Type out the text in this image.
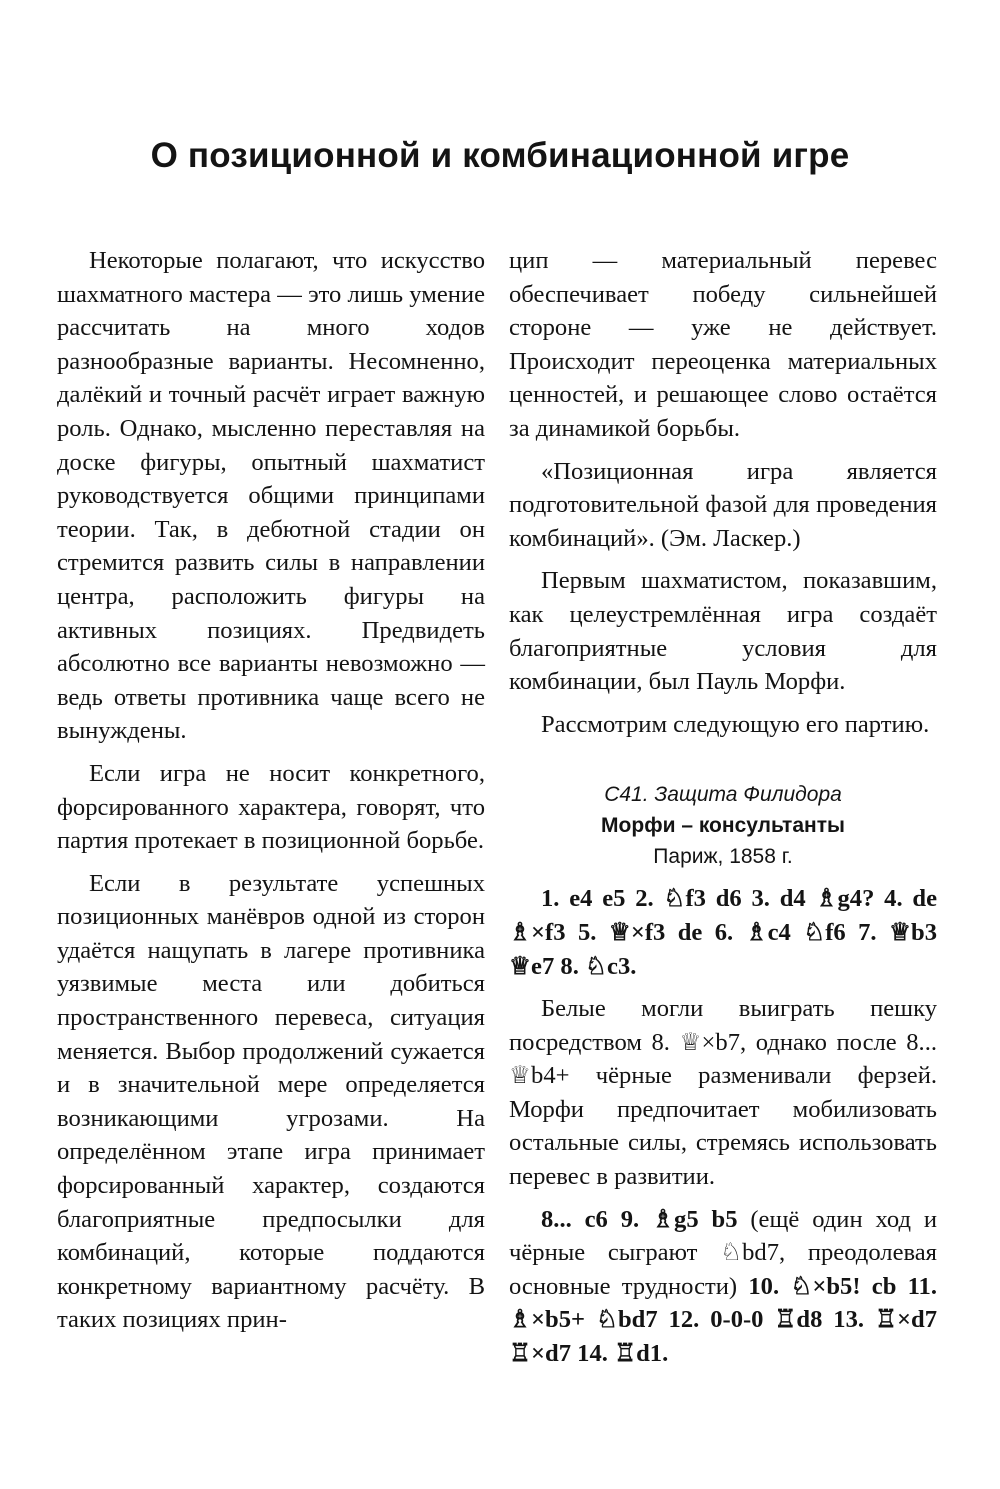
О позиционной и комбинационной игре

Некоторые полагают, что искусство шахматного мастера — это лишь умение рассчитать на много ходов разнообразные варианты. Несомненно, далёкий и точный расчёт играет важную роль. Однако, мысленно переставляя на доске фигуры, опытный шахматист руководствуется общими принципами теории. Так, в дебютной стадии он стремится развить силы в направлении центра, расположить фигуры на активных позициях. Предвидеть абсолютно все варианты невозможно — ведь ответы противника чаще всего не вынуждены.

Если игра не носит конкретного, форсированного характера, говорят, что партия протекает в позиционной борьбе.

Если в результате успешных позиционных манёвров одной из сторон удаётся нащупать в лагере противника уязвимые места или добиться пространственного перевеса, ситуация меняется. Выбор продолжений сужается и в значительной мере определяется возникающими угрозами. На определённом этапе игра принимает форсированный характер, создаются благоприятные предпосылки для комбинаций, которые поддаются конкретному вариантному расчёту. В таких позициях прин-

цип — материальный перевес обеспечивает победу сильнейшей стороне — уже не действует. Происходит переоценка материальных ценностей, и решающее слово остаётся за динамикой борьбы.

«Позиционная игра является подготовительной фазой для проведения комбинаций». (Эм. Ласкер.)

Первым шахматистом, показавшим, как целеустремлённая игра создаёт благоприятные условия для комбинации, был Пауль Морфи.

Рассмотрим следующую его партию.

C41. Защита Филидора
Морфи – консультанты
Париж, 1858 г.

1. e4 e5 2. ♘f3 d6 3. d4 ♗g4? 4. de ♗×f3 5. ♕×f3 de 6. ♗c4 ♘f6 7. ♕b3 ♕e7 8. ♘c3.

Белые могли выиграть пешку посредством 8. ♕×b7, однако после 8... ♕b4+ чёрные разменивали ферзей. Морфи предпочитает мобилизовать остальные силы, стремясь использовать перевес в развитии.

8... c6 9. ♗g5 b5 (ещё один ход и чёрные сыграют ♘bd7, преодолевая основные трудности) 10. ♘×b5! cb 11. ♗×b5+ ♘bd7 12. 0-0-0 ♖d8 13. ♖×d7 ♖×d7 14. ♖d1.
